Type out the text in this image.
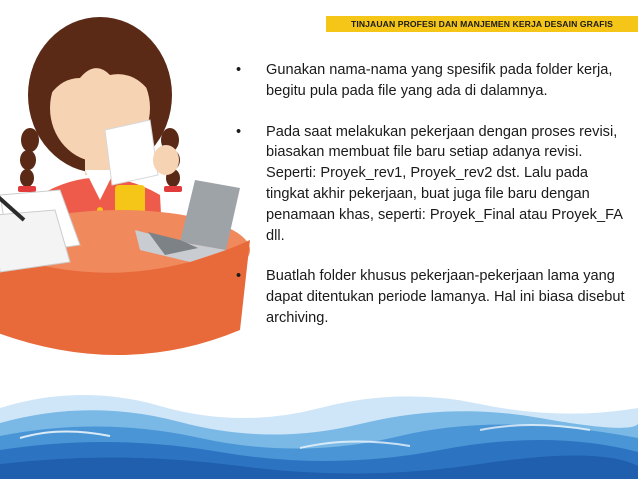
TINJAUAN PROFESI DAN MANJEMEN KERJA DESAIN GRAFIS
• Gunakan nama-nama yang spesifik pada folder kerja, begitu pula pada file yang ada di dalamnya.
• Pada saat melakukan pekerjaan dengan proses revisi, biasakan membuat file baru setiap adanya revisi. Seperti: Proyek_rev1, Proyek_rev2 dst. Lalu pada tingkat akhir pekerjaan, buat juga file baru dengan penamaan khas, seperti: Proyek_Final atau Proyek_FA dll.
• Buatlah folder khusus pekerjaan-pekerjaan lama yang dapat ditentukan periode lamanya. Hal ini biasa disebut archiving.
